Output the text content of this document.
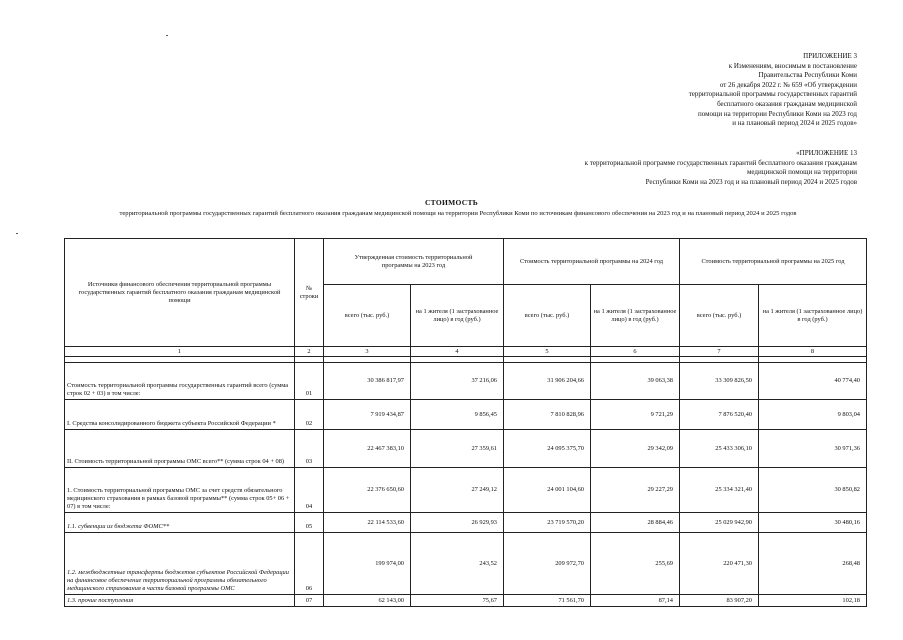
ПРИЛОЖЕНИЕ 3
к Изменениям, вносимым в постановление
Правительства Республики Коми
от 26 декабря 2022 г. № 659 «Об утверждении
территориальной программы государственных гарантий
бесплатного оказания гражданам медицинской
помощи на территории Республики Коми на 2023 год
и на плановый период 2024 и 2025 годов»
«ПРИЛОЖЕНИЕ 13
к территориальной программе государственных гарантий бесплатного оказания гражданам
медицинской помощи на территории
Республики Коми на 2023 год и на плановый период 2024 и 2025 годов
СТОИМОСТЬ
территориальной программы государственных гарантий бесплатного оказания гражданам медицинской помощи на территории Республики Коми по источникам финансового обеспечения на 2023 год и на плановый период 2024 и 2025 годов
Источники финансового обеспечения территориальной программы государственных гарантий бесплатного оказания гражданам медицинской помощи	№ строки	Утвержденная стоимость территориальной программы на 2023 год		Стоимость территориальной программы на 2024 год		Стоимость территориальной программы на 2025 год	
		всего (тыс. руб.)	на 1 жителя (1 застрахованное лицо) в год (руб.)	всего (тыс. руб.)	на 1 жителя (1 застрахованное лицо) в год (руб.)	всего (тыс. руб.)	на 1 жителя (1 застрахованное лицо) в год (руб.)
1	2	3	4	5	6	7	8

Стоимость территориальной программы государственных гарантий всего (сумма строк 02 + 03) в том числе:	01	30 386 817,97	37 216,06	31 906 204,66	39 063,38	33 309 826,50	40 774,40
I. Средства консолидированного бюджета субъекта Российской Федерации *	02	7 919 434,87	9 856,45	7 810 828,96	9 721,29	7 876 520,40	9 803,04
II. Стоимость территориальной программы ОМС всего** (сумма строк 04 + 08)	03	22 467 383,10	27 359,61	24 095 375,70	29 342,09	25 433 306,10	30 971,36
1. Стоимость территориальной программы ОМС за счет средств обязательного медицинского страхования в рамках базовой программы** (сумма строк 05+ 06 + 07) в том числе:	04	22 376 650,60	27 249,12	24 001 104,60	29 227,29	25 334 321,40	30 850,82
1.1. субвенции из бюджета ФОМС**	05	22 114 533,60	26 929,93	23 719 570,20	28 884,46	25 029 942,90	30 480,16
1.2. межбюджетные трансферты бюджетов субъектов Российской Федерации на финансовое обеспечение территориальной программы обязательного медицинского страхования в части базовой программы ОМС	06	199 974,00	243,52	209 972,70	255,69	220 471,30	268,48
1.3. прочие поступления	07	62 143,00	75,67	71 561,70	87,14	83 907,20	102,18
